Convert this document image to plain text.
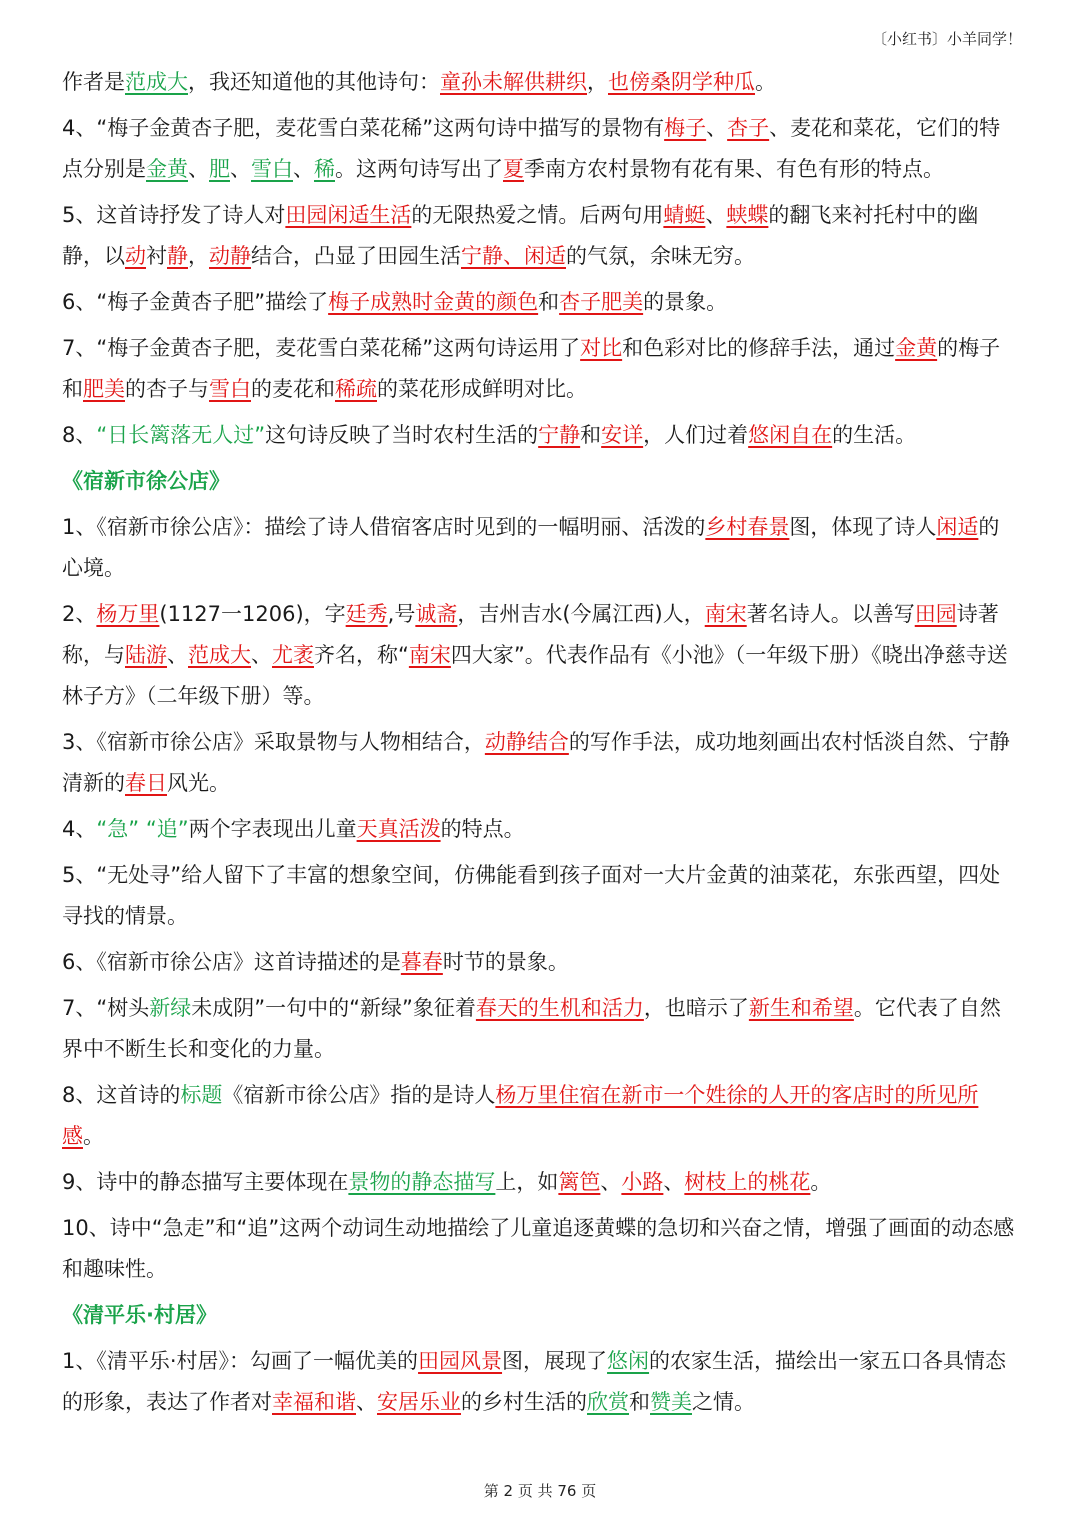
〔小红书〕小羊同学！

作者是范成大，我还知道他的其他诗句：童孙未解供耕织，也傍桑阴学种瓜。

4、“梅子金黄杏子肥，麦花雪白菜花稀”这两句诗中描写的景物有梅子、杏子、麦花和菜花，它们的特点分别是金黄、肥、雪白、稀。这两句诗写出了夏季南方农村景物有花有果、有色有形的特点。

5、这首诗抒发了诗人对田园闲适生活的无限热爱之情。后两句用蜻蜓、蛱蝶的翻飞来衬托村中的幽静，以动衬静，动静结合，凸显了田园生活宁静、闲适的气氛，余味无穷。

6、“梅子金黄杏子肥”描绘了梅子成熟时金黄的颜色和杏子肥美的景象。

7、“梅子金黄杏子肥，麦花雪白菜花稀”这两句诗运用了对比和色彩对比的修辞手法，通过金黄的梅子和肥美的杏子与雪白的麦花和稀疏的菜花形成鲜明对比。

8、“日长篱落无人过”这句诗反映了当时农村生活的宁静和安详，人们过着悠闲自在的生活。

《宿新市徐公店》

1、《宿新市徐公店》：描绘了诗人借宿客店时见到的一幅明丽、活泼的乡村春景图，体现了诗人闲适的心境。

2、杨万里(1127一1206)，字廷秀,号诚斋，吉州吉水(今属江西)人，南宋著名诗人。以善写田园诗著称，与陆游、范成大、尤袤齐名，称“南宋四大家”。代表作品有《小池》（一年级下册）《晓出净慈寺送林子方》（二年级下册）等。

3、《宿新市徐公店》采取景物与人物相结合，动静结合的写作手法，成功地刻画出农村恬淡自然、宁静清新的春日风光。

4、“急” “追”两个字表现出儿童天真活泼的特点。

5、“无处寻”给人留下了丰富的想象空间，仿佛能看到孩子面对一大片金黄的油菜花，东张西望，四处寻找的情景。

6、《宿新市徐公店》这首诗描述的是暮春时节的景象。

7、“树头新绿未成阴”一句中的“新绿”象征着春天的生机和活力，也暗示了新生和希望。它代表了自然界中不断生长和变化的力量。

8、这首诗的标题《宿新市徐公店》指的是诗人杨万里住宿在新市一个姓徐的人开的客店时的所见所感。

9、诗中的静态描写主要体现在景物的静态描写上，如篱笆、小路、树枝上的桃花。

10、诗中“急走”和“追”这两个动词生动地描绘了儿童追逐黄蝶的急切和兴奋之情，增强了画面的动态感和趣味性。

《清平乐·村居》

1、《清平乐·村居》：勾画了一幅优美的田园风景图，展现了悠闲的农家生活，描绘出一家五口各具情态的形象，表达了作者对幸福和谐、安居乐业的乡村生活的欣赏和赞美之情。

第 2 页 共 76 页
